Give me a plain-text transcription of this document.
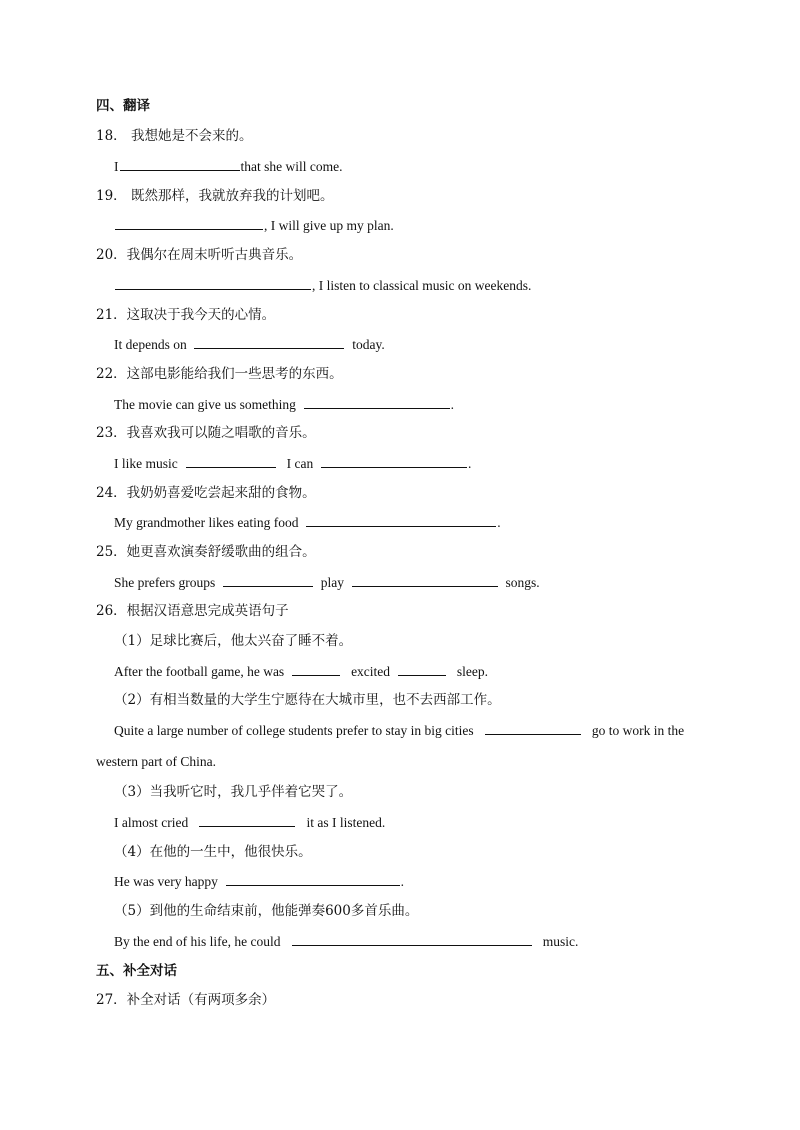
四、翻译
18． 我想她是不会来的。
I	that she will come.
19． 既然那样，我就放弃我的计划吧。
, I will give up my plan.
20．我偶尔在周末听听古典音乐。
, I listen to classical music on weekends.
21．这取决于我今天的心情。
It depends on	today.
22．这部电影能给我们一些思考的东西。
The movie can give us something	.
23．我喜欢我可以随之唱歌的音乐。
I like music	I can	.
24．我奶奶喜爱吃尝起来甜的食物。
My grandmother likes eating food	.
25．她更喜欢演奏舒缓歌曲的组合。
She prefers groups	play	songs.
26．根据汉语意思完成英语句子
（1）足球比赛后，他太兴奋了睡不着。
After the football game, he was	excited	sleep.
（2）有相当数量的大学生宁愿待在大城市里，也不去西部工作。
Quite a large number of college students prefer to stay in big cities	go to work in the
western part of China.
（3）当我听它时，我几乎伴着它哭了。
I almost cried	it as I listened.
（4）在他的一生中，他很快乐。
He was very happy	.
（5）到他的生命结束前，他能弹奏600多首乐曲。
By the end of his life, he could	music.
五、补全对话
27．补全对话（有两项多余）
